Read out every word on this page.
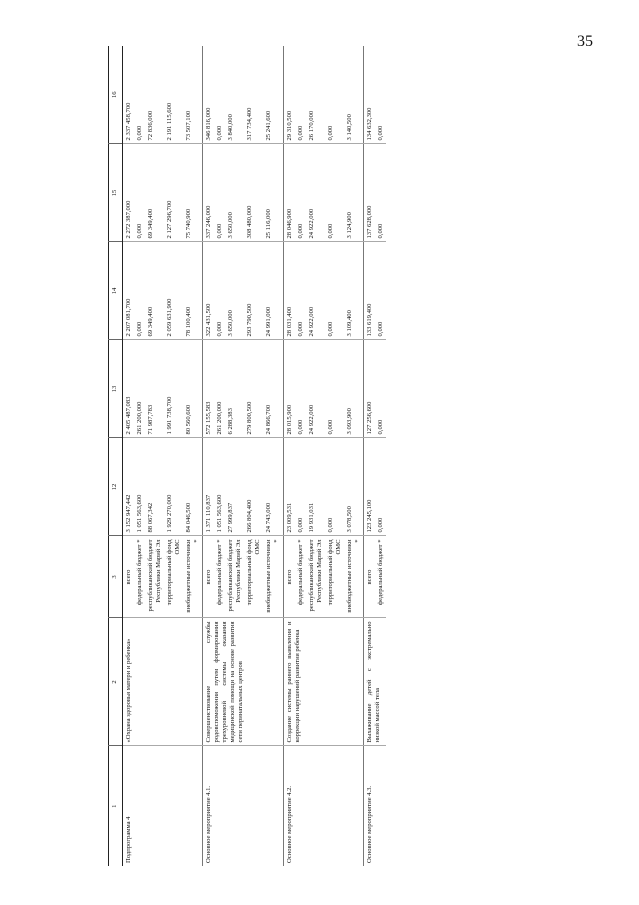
35
1	2	3	12	13	14	15	16
Подпрограмма 4	«Охрана здоровья матери и ребенка»	всего	3 152 947,442	2 405 487,083	2 207 081,700	2 272 387,000	2 337 458,700
		федеральный бюджет *	1 051 563,600	261 200,000	0,000	0,000	0,000
		республиканский бюджет Республики Марий Эл	88 067,342	71 987,783	69 349,400	69 349,400	72 836,000
		территориальный фонд ОМС	1 929 270,000	1 991 738,700	2 059 631,900	2 127 296,700	2 191 115,600
		внебюджетные источники *	84 046,500	80 560,600	78 100,400	75 740,900	73 507,100
Основное мероприятие 4.1.	Совершенствование службы родовспоможения путем формирования трехуровневой системы оказания медицинской помощи на основе развития сети перинатальных центров	всего	1 371 110,837	572 155,583	322 431,500	337 246,000	346 816,000
		федеральный бюджет *	1 051 563,600	261 200,000	0,000	0,000	0,000
		республиканский бюджет Республики Марий Эл	27 999,837	6 288,383	3 650,000	3 650,000	3 840,000
		территориальный фонд ОМС	266 804,400	279 800,500	293 790,500	308 480,000	317 734,400
		внебюджетные источники *	24 743,000	24 866,700	24 991,000	25 116,000	25 241,600
Основное мероприятие 4.2.	Создание системы раннего выявления и коррекции нарушений развития ребенка	всего	23 009,531	28 015,900	28 031,400	28 046,900	29 310,500
		федеральный бюджет *	0,000	0,000	0,000	0,000	0,000
		республиканский бюджет Республики Марий Эл	19 931,031	24 922,000	24 922,000	24 922,000	26 170,000
		территориальный фонд ОМС	0,000	0,000	0,000	0,000	0,000
		внебюджетные источники *	3 078,500	3 093,900	3 109,400	3 124,900	3 140,500
Основное мероприятие 4.3.	Выхаживание детей с экстремально низкой массой тела	всего	123 245,100	127 256,600	133 619,400	137 628,000	134 632,300
		федеральный бюджет *	0,000	0,000	0,000	0,000	0,000
